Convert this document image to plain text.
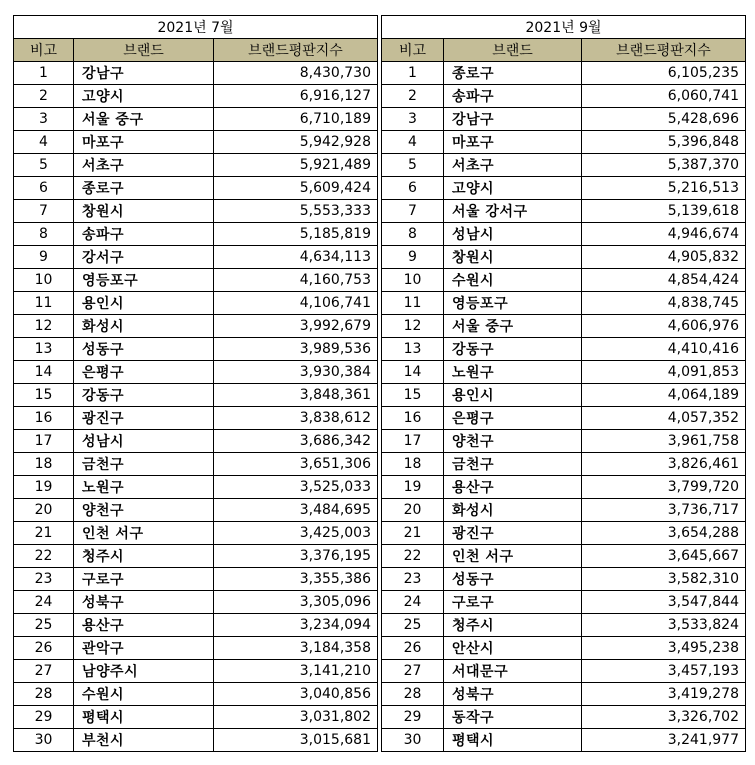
2021년 7월		
비고	브랜드	브랜드평판지수
1	강남구	8,430,730
2	고양시	6,916,127
3	서울 중구	6,710,189
4	마포구	5,942,928
5	서초구	5,921,489
6	종로구	5,609,424
7	창원시	5,553,333
8	송파구	5,185,819
9	강서구	4,634,113
10	영등포구	4,160,753
11	용인시	4,106,741
12	화성시	3,992,679
13	성동구	3,989,536
14	은평구	3,930,384
15	강동구	3,848,361
16	광진구	3,838,612
17	성남시	3,686,342
18	금천구	3,651,306
19	노원구	3,525,033
20	양천구	3,484,695
21	인천 서구	3,425,003
22	청주시	3,376,195
23	구로구	3,355,386
24	성북구	3,305,096
25	용산구	3,234,094
26	관악구	3,184,358
27	남양주시	3,141,210
28	수원시	3,040,856
29	평택시	3,031,802
30	부천시	3,015,681
2021년 9월		
비고	브랜드	브랜드평판지수
1	종로구	6,105,235
2	송파구	6,060,741
3	강남구	5,428,696
4	마포구	5,396,848
5	서초구	5,387,370
6	고양시	5,216,513
7	서울 강서구	5,139,618
8	성남시	4,946,674
9	창원시	4,905,832
10	수원시	4,854,424
11	영등포구	4,838,745
12	서울 중구	4,606,976
13	강동구	4,410,416
14	노원구	4,091,853
15	용인시	4,064,189
16	은평구	4,057,352
17	양천구	3,961,758
18	금천구	3,826,461
19	용산구	3,799,720
20	화성시	3,736,717
21	광진구	3,654,288
22	인천 서구	3,645,667
23	성동구	3,582,310
24	구로구	3,547,844
25	청주시	3,533,824
26	안산시	3,495,238
27	서대문구	3,457,193
28	성북구	3,419,278
29	동작구	3,326,702
30	평택시	3,241,977
